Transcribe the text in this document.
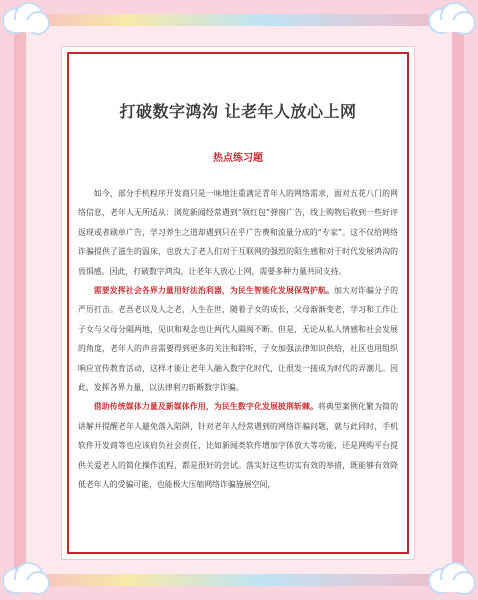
打破数字鸿沟 让老年人放心上网
热点练习题

如今，部分手机程序开发商只是一味地注重满足青年人的网络需求，面对五花八门的网络信息，老年人无所适从：浏览新闻经常遇到“领红包”弹窗广告，线上购物后收到一些好评返现或者刷单广告，学习养生之道却遇到只在乎广告费和流量分成的“专家”。这不仅给网络诈骗提供了滋生的温床，也放大了老人们对于互联网的强烈的陌生感和对于时代发展鸿沟的畏惧感。因此，打破数字鸿沟，让老年人放心上网，需要多种力量共同支持。

需要发挥社会各界力量用好法治利器，为民生智能化发展保驾护航。加大对诈骗分子的严厉打击。老吾老以及人之老，人生在世，随着子女的成长，父母渐渐变老，学习和工作让子女与父母分隔两地，见识和观念也让两代人隔阂不断。但是，无论从私人情感和社会发展的角度，老年人的声音需要得到更多的关注和聆听，子女加强法律知识供给，社区也用组织响应宣传教育活动，这样才能让老年人融入数字化时代，让很发一接成为时代的弄潮儿。因此，发挥各界力量，以法律利刃斩断数字诈骗。

借助传统媒体力量及新媒体作用，为民生数字化发展披荆斩棘。将典型案例化繁为简的讲解并提醒老年人避免落入陷阱，针对老年人经常遇到的网络诈骗问题，就与此同时，手机软件开发商等也应该肩负社会责任，比如新闻类软件增加字体放大等功能，还是网购平台提供关爱老人的简化操作流程，都是很好的尝试。落实好这些切实有效的举措，既能够有效降低老年人的受骗可能，也能极大压缩网络诈骗施展空间，
